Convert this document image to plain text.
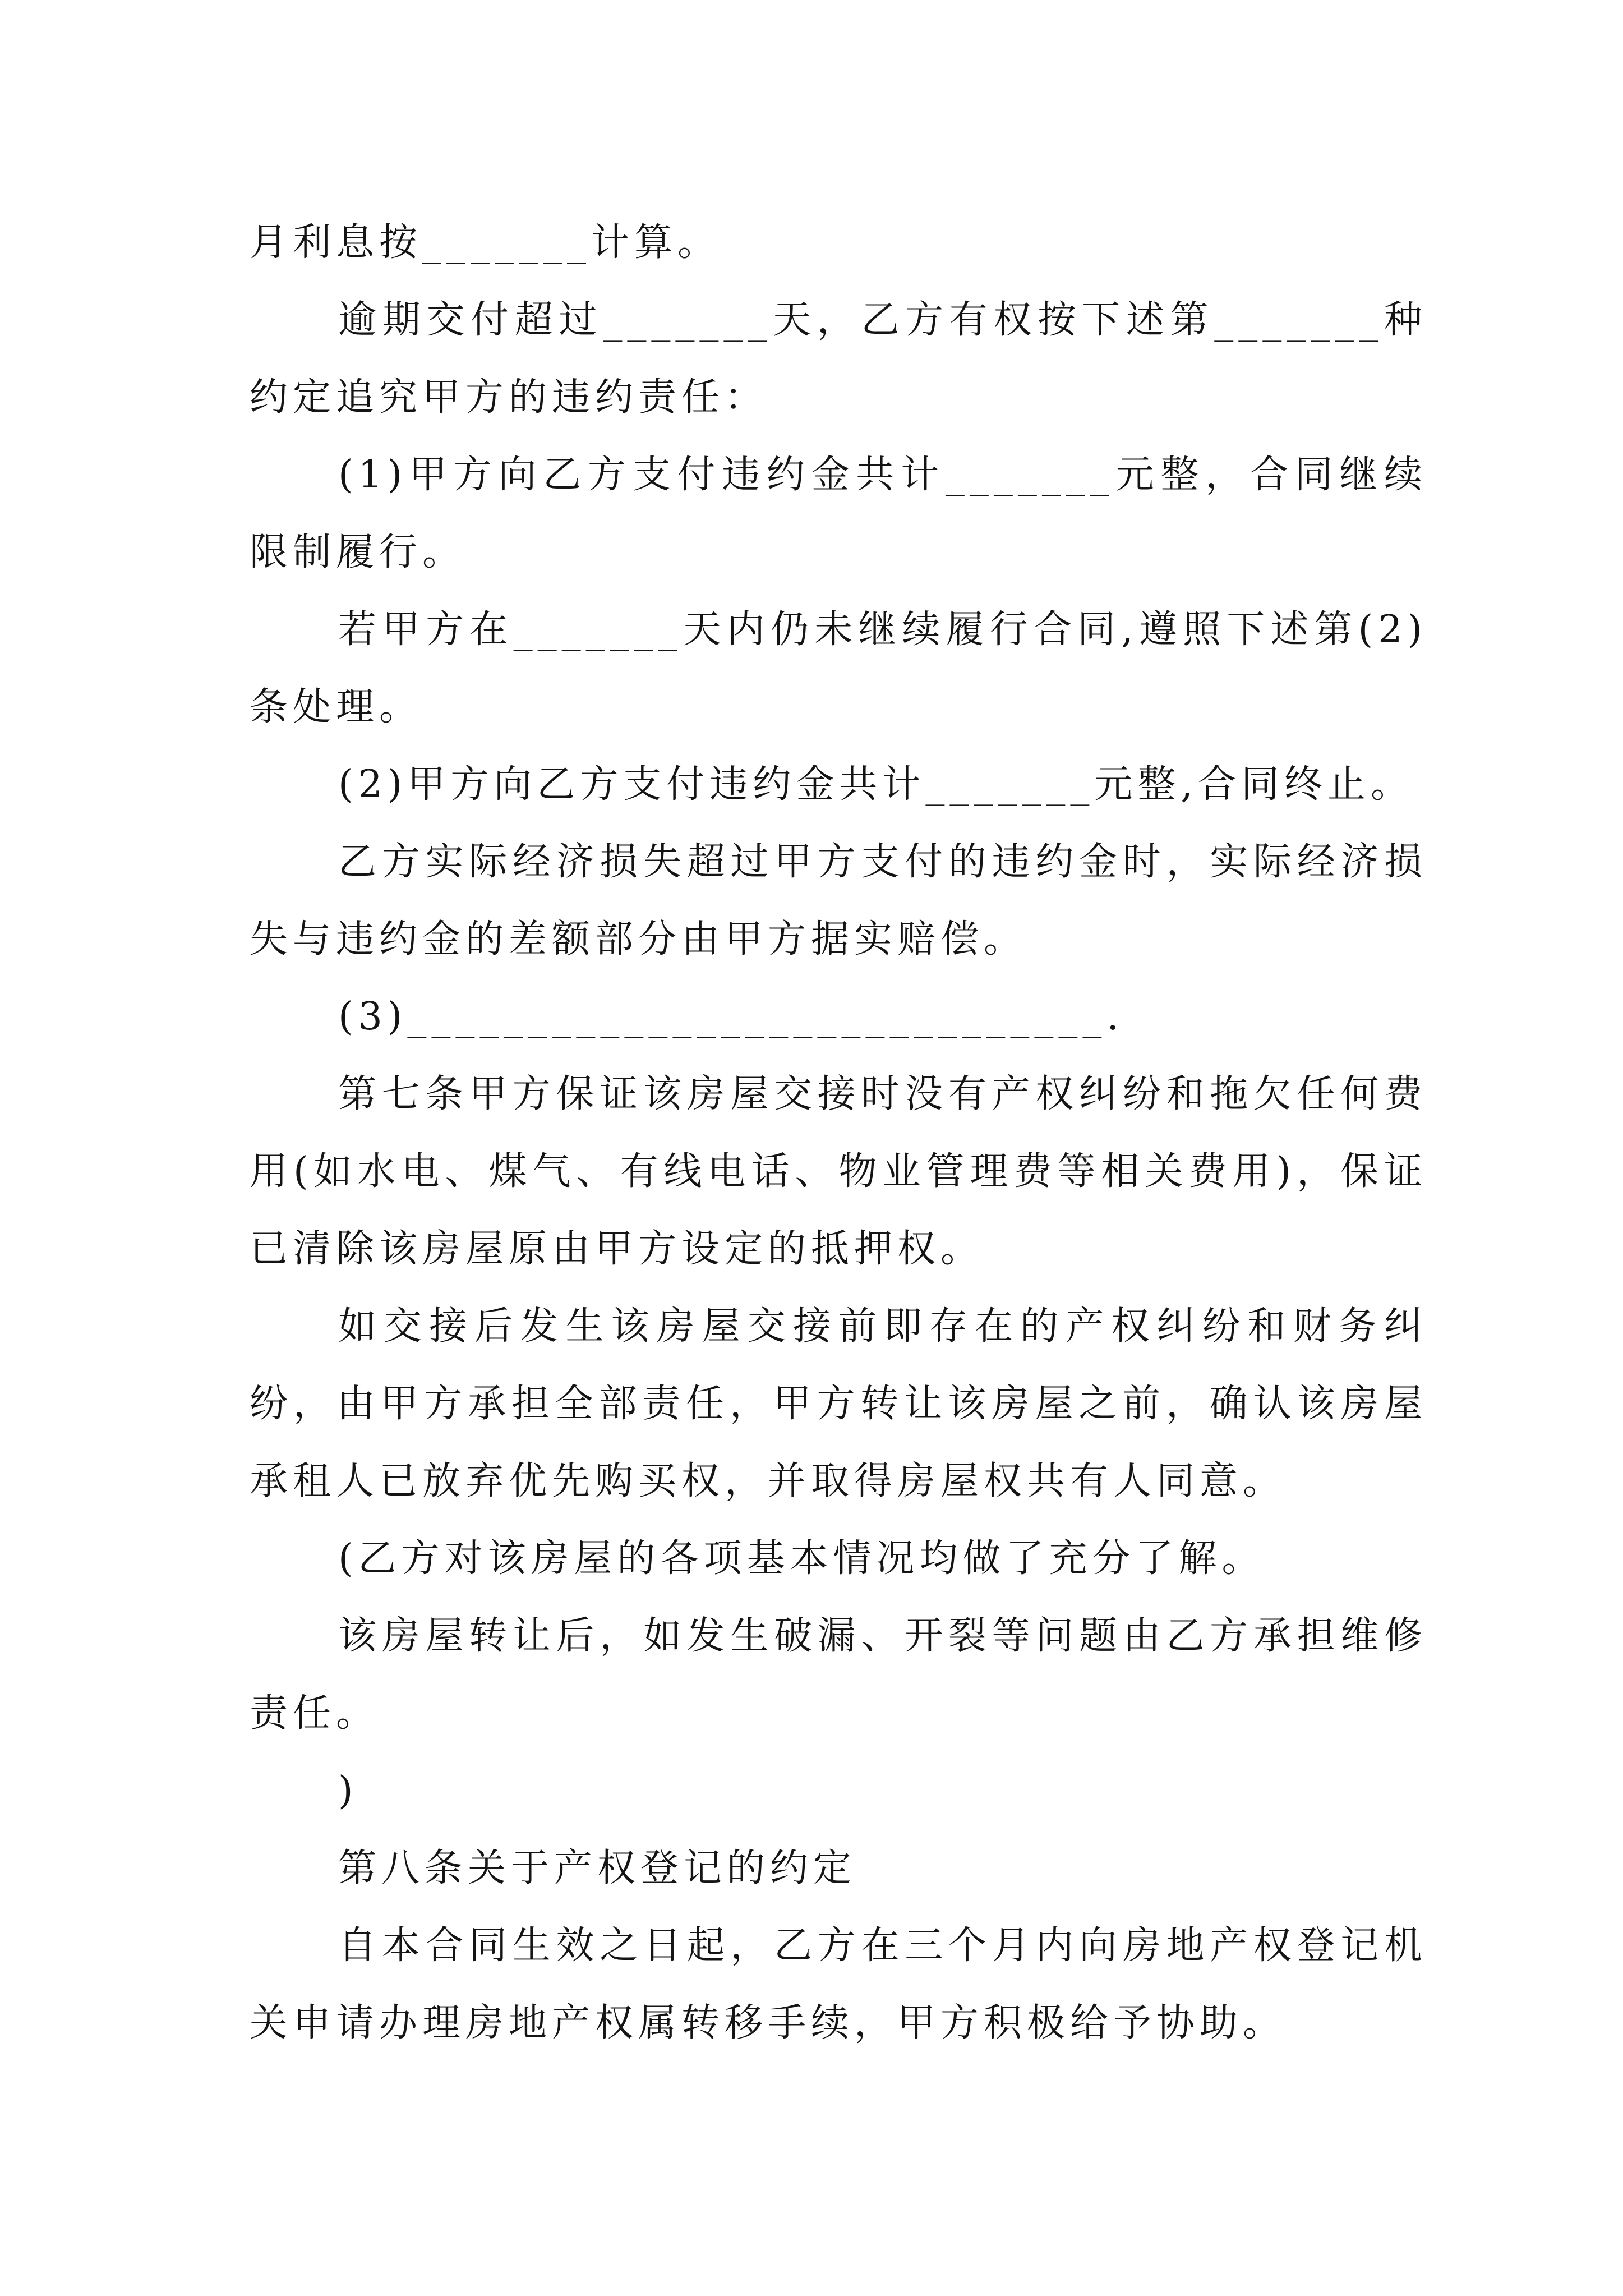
月利息按_______计算。

逾期交付超过_______天，乙方有权按下述第_______种约定追究甲方的违约责任：

(1)甲方向乙方支付违约金共计_______元整，合同继续限制履行。

若甲方在_______天内仍未继续履行合同,遵照下述第(2)条处理。

(2)甲方向乙方支付违约金共计_______元整,合同终止。

乙方实际经济损失超过甲方支付的违约金时，实际经济损失与违约金的差额部分由甲方据实赔偿。

(3)_____________________________.

第七条甲方保证该房屋交接时没有产权纠纷和拖欠任何费用(如水电、煤气、有线电话、物业管理费等相关费用)，保证已清除该房屋原由甲方设定的抵押权。

如交接后发生该房屋交接前即存在的产权纠纷和财务纠纷，由甲方承担全部责任，甲方转让该房屋之前，确认该房屋承租人已放弃优先购买权，并取得房屋权共有人同意。

(乙方对该房屋的各项基本情况均做了充分了解。

该房屋转让后，如发生破漏、开裂等问题由乙方承担维修责任。

)

第八条关于产权登记的约定

自本合同生效之日起，乙方在三个月内向房地产权登记机关申请办理房地产权属转移手续，甲方积极给予协助。
